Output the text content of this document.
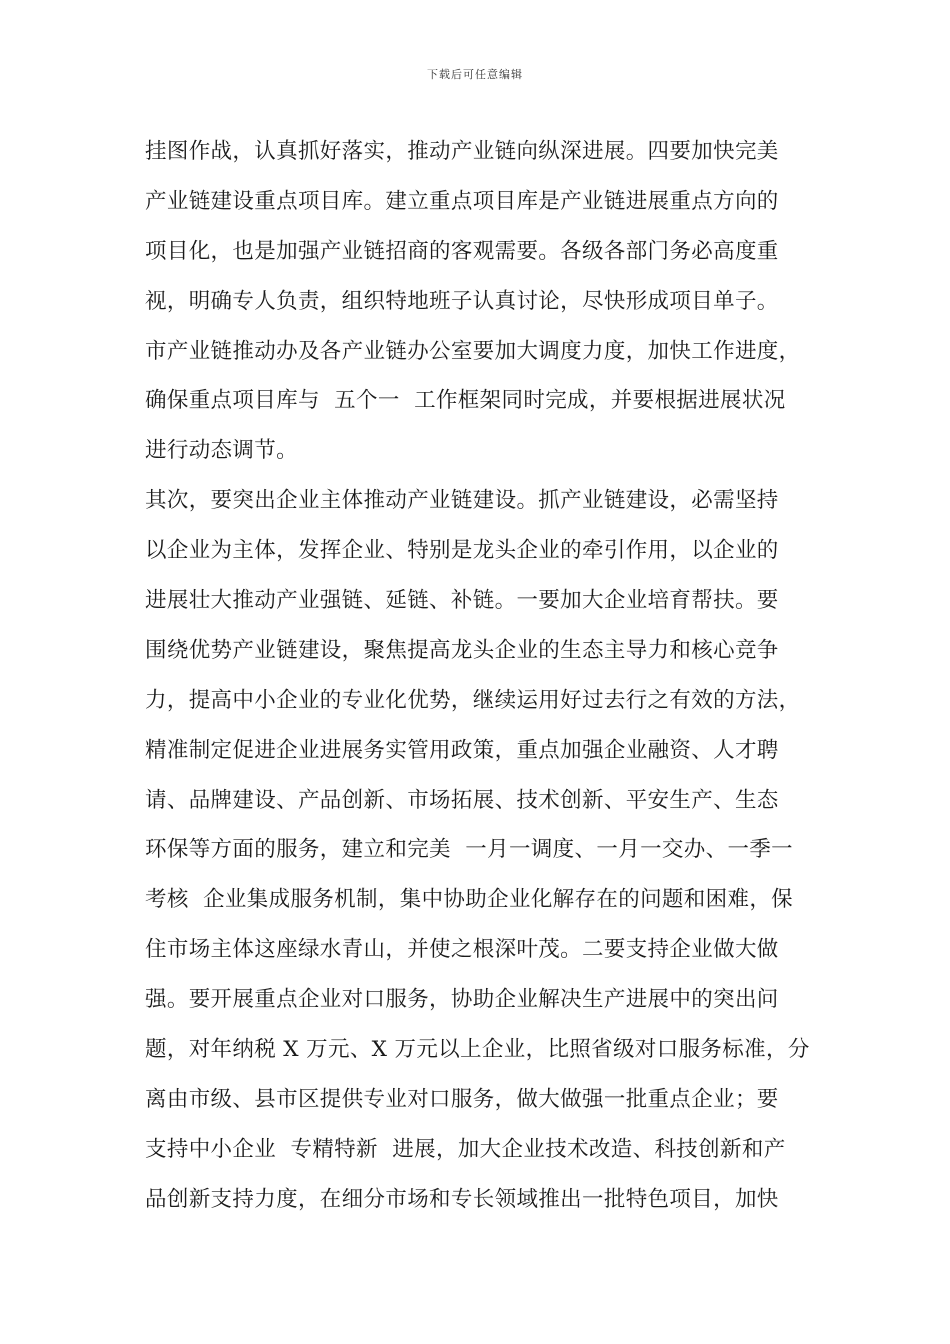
下载后可任意编辑
挂图作战，认真抓好落实，推动产业链向纵深进展。四要加快完美
产业链建设重点项目库。建立重点项目库是产业链进展重点方向的
项目化，也是加强产业链招商的客观需要。各级各部门务必高度重
视，明确专人负责，组织特地班子认真讨论，尽快形成项目单子。
市产业链推动办及各产业链办公室要加大调度力度，加快工作进度，
确保重点项目库与  五个一  工作框架同时完成，并要根据进展状况
进行动态调节。
其次，要突出企业主体推动产业链建设。抓产业链建设，必需坚持
以企业为主体，发挥企业、特别是龙头企业的牵引作用，以企业的
进展壮大推动产业强链、延链、补链。一要加大企业培育帮扶。要
围绕优势产业链建设，聚焦提高龙头企业的生态主导力和核心竞争
力，提高中小企业的专业化优势，继续运用好过去行之有效的方法，
精准制定促进企业进展务实管用政策，重点加强企业融资、人才聘
请、品牌建设、产品创新、市场拓展、技术创新、平安生产、生态
环保等方面的服务，建立和完美  一月一调度、一月一交办、一季一
考核  企业集成服务机制，集中协助企业化解存在的问题和困难，保
住市场主体这座绿水青山，并使之根深叶茂。二要支持企业做大做
强。要开展重点企业对口服务，协助企业解决生产进展中的突出问
题，对年纳税 X 万元、X 万元以上企业，比照省级对口服务标准，分
离由市级、县市区提供专业对口服务，做大做强一批重点企业；要
支持中小企业  专精特新  进展，加大企业技术改造、科技创新和产
品创新支持力度，在细分市场和专长领域推出一批特色项目，加快
